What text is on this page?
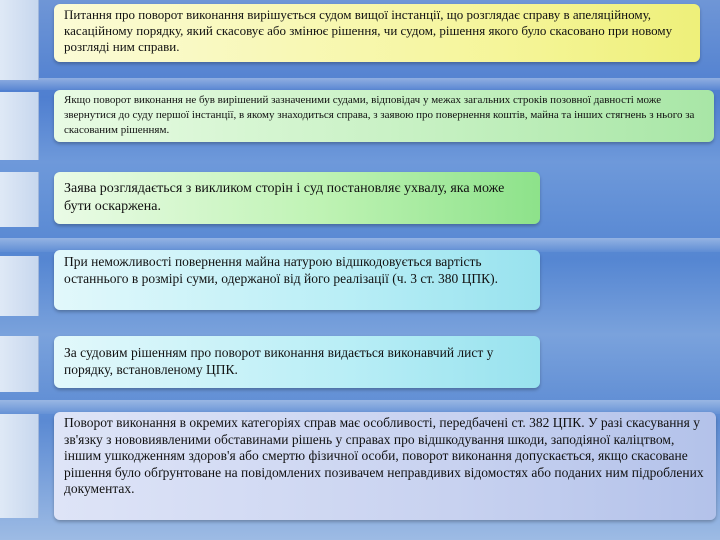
Питання про поворот виконання вирішується судом вищої інстанції, що розглядає справу в апеляційному, касаційному порядку, який скасовує або змінює рішення, чи судом, рішення якого було скасовано при новому розгляді ним справи.

Якщо поворот виконання не був вирішений зазначеними судами, відповідач у межах загальних строків позовної давності може звернутися до суду першої інстанції, в якому знаходиться справа, з заявою про повернення коштів, майна та інших стягнень з нього за скасованим рішенням.

Заява розглядається з викликом сторін і суд постановляє ухвалу, яка може бути оскаржена.

При неможливості повернення майна натурою відшкодовується вартість останнього в розмірі суми, одержаної від його реалізації (ч. 3 ст. 380 ЦПК).

За судовим рішенням про поворот виконання видається виконавчий лист у порядку, встановленому ЦПК.

Поворот виконання в окремих категоріях справ має особливості, передбачені ст. 382 ЦПК. У разі скасування у зв'язку з нововиявленими обставинами рішень у справах про відшкодування шкоди, заподіяної каліцтвом, іншим ушкодженням здоров'я або смертю фізичної особи, поворот виконання допускається, якщо скасоване рішення було обґрунтоване на повідомлених позивачем неправдивих відомостях або поданих ним підроблених документах.
